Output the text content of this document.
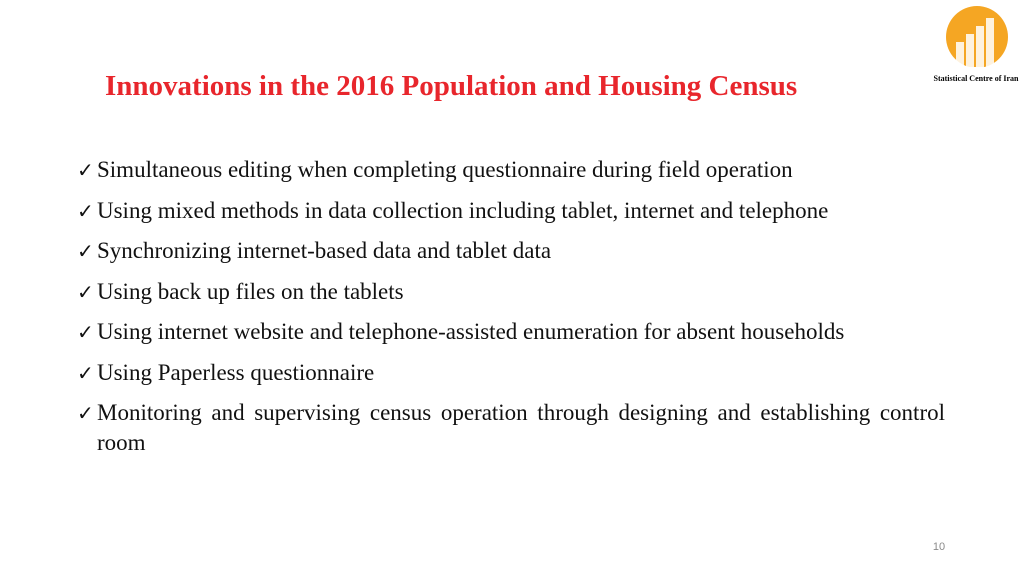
Statistical Centre of Iran
Innovations in the 2016 Population and Housing Census
✓ Simultaneous editing when completing questionnaire during field operation
✓ Using mixed methods in data collection including tablet, internet and telephone
✓ Synchronizing internet-based data and tablet data
✓ Using back up files on the tablets
✓ Using internet website and telephone-assisted enumeration for absent households
✓ Using Paperless questionnaire
✓ Monitoring and supervising census operation through designing and establishing control room
10
